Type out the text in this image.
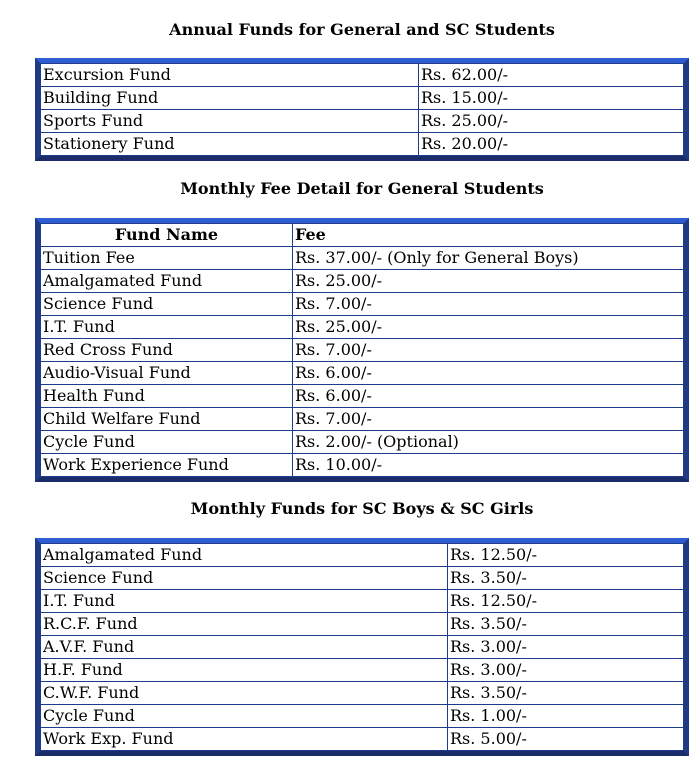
Annual Funds for General and SC Students
Excursion Fund	Rs. 62.00/-
Building Fund	Rs. 15.00/-
Sports Fund	Rs. 25.00/-
Stationery Fund	Rs. 20.00/-
Monthly Fee Detail for General Students
Fund Name	Fee
Tuition Fee	Rs. 37.00/- (Only for General Boys)
Amalgamated Fund	Rs. 25.00/-
Science Fund	Rs. 7.00/-
I.T. Fund	Rs. 25.00/-
Red Cross Fund	Rs. 7.00/-
Audio-Visual Fund	Rs. 6.00/-
Health Fund	Rs. 6.00/-
Child Welfare Fund	Rs. 7.00/-
Cycle Fund	Rs. 2.00/- (Optional)
Work Experience Fund	Rs. 10.00/-
Monthly Funds for SC Boys & SC Girls
Amalgamated Fund	Rs. 12.50/-
Science Fund	Rs. 3.50/-
I.T. Fund	Rs. 12.50/-
R.C.F. Fund	Rs. 3.50/-
A.V.F. Fund	Rs. 3.00/-
H.F. Fund	Rs. 3.00/-
C.W.F. Fund	Rs. 3.50/-
Cycle Fund	Rs. 1.00/-
Work Exp. Fund	Rs. 5.00/-
